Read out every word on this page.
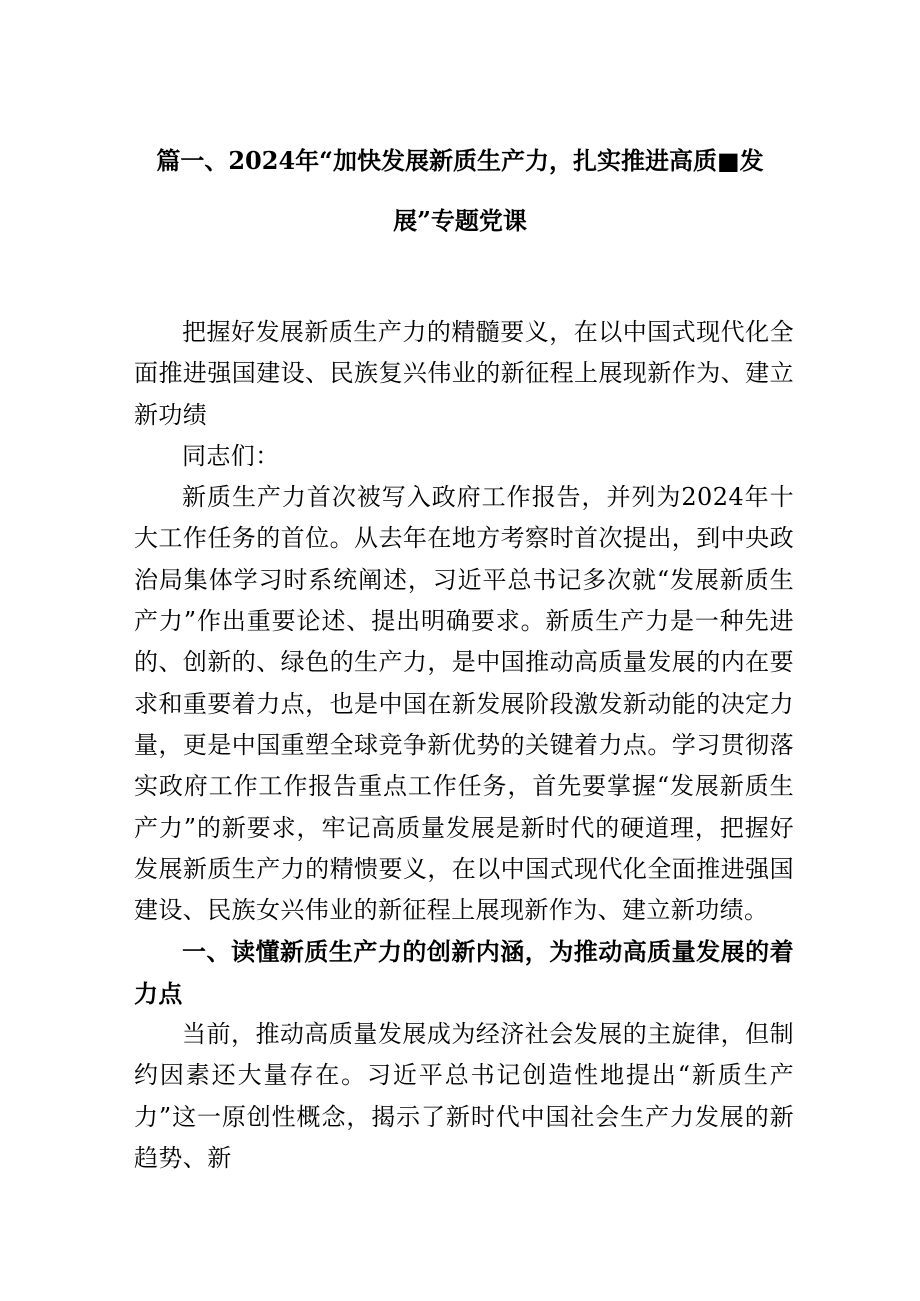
篇一、2024年“加快发展新质生产力，扎实推进高质■发
展”专题党课

把握好发展新质生产力的精髓要义，在以中国式现代化全面推进强国建设、民族复兴伟业的新征程上展现新作为、建立新功绩

同志们：

新质生产力首次被写入政府工作报告，并列为2024年十大工作任务的首位。从去年在地方考察时首次提出，到中央政治局集体学习时系统阐述，习近平总书记多次就“发展新质生产力”作出重要论述、提出明确要求。新质生产力是一种先进的、创新的、绿色的生产力，是中国推动高质量发展的内在要求和重要着力点，也是中国在新发展阶段激发新动能的决定力量，更是中国重塑全球竞争新优势的关键着力点。学习贯彻落实政府工作工作报告重点工作任务，首先要掌握“发展新质生产力”的新要求，牢记高质量发展是新时代的硬道理，把握好发展新质生产力的精愦要义，在以中国式现代化全面推进强国建设、民族女兴伟业的新征程上展现新作为、建立新功绩。

一、读懂新质生产力的创新内涵，为推动高质量发展的着力点

当前，推动高质量发展成为经济社会发展的主旋律，但制约因素还大量存在。习近平总书记创造性地提出“新质生产力”这一原创性概念，揭示了新时代中国社会生产力发展的新趋势、新
